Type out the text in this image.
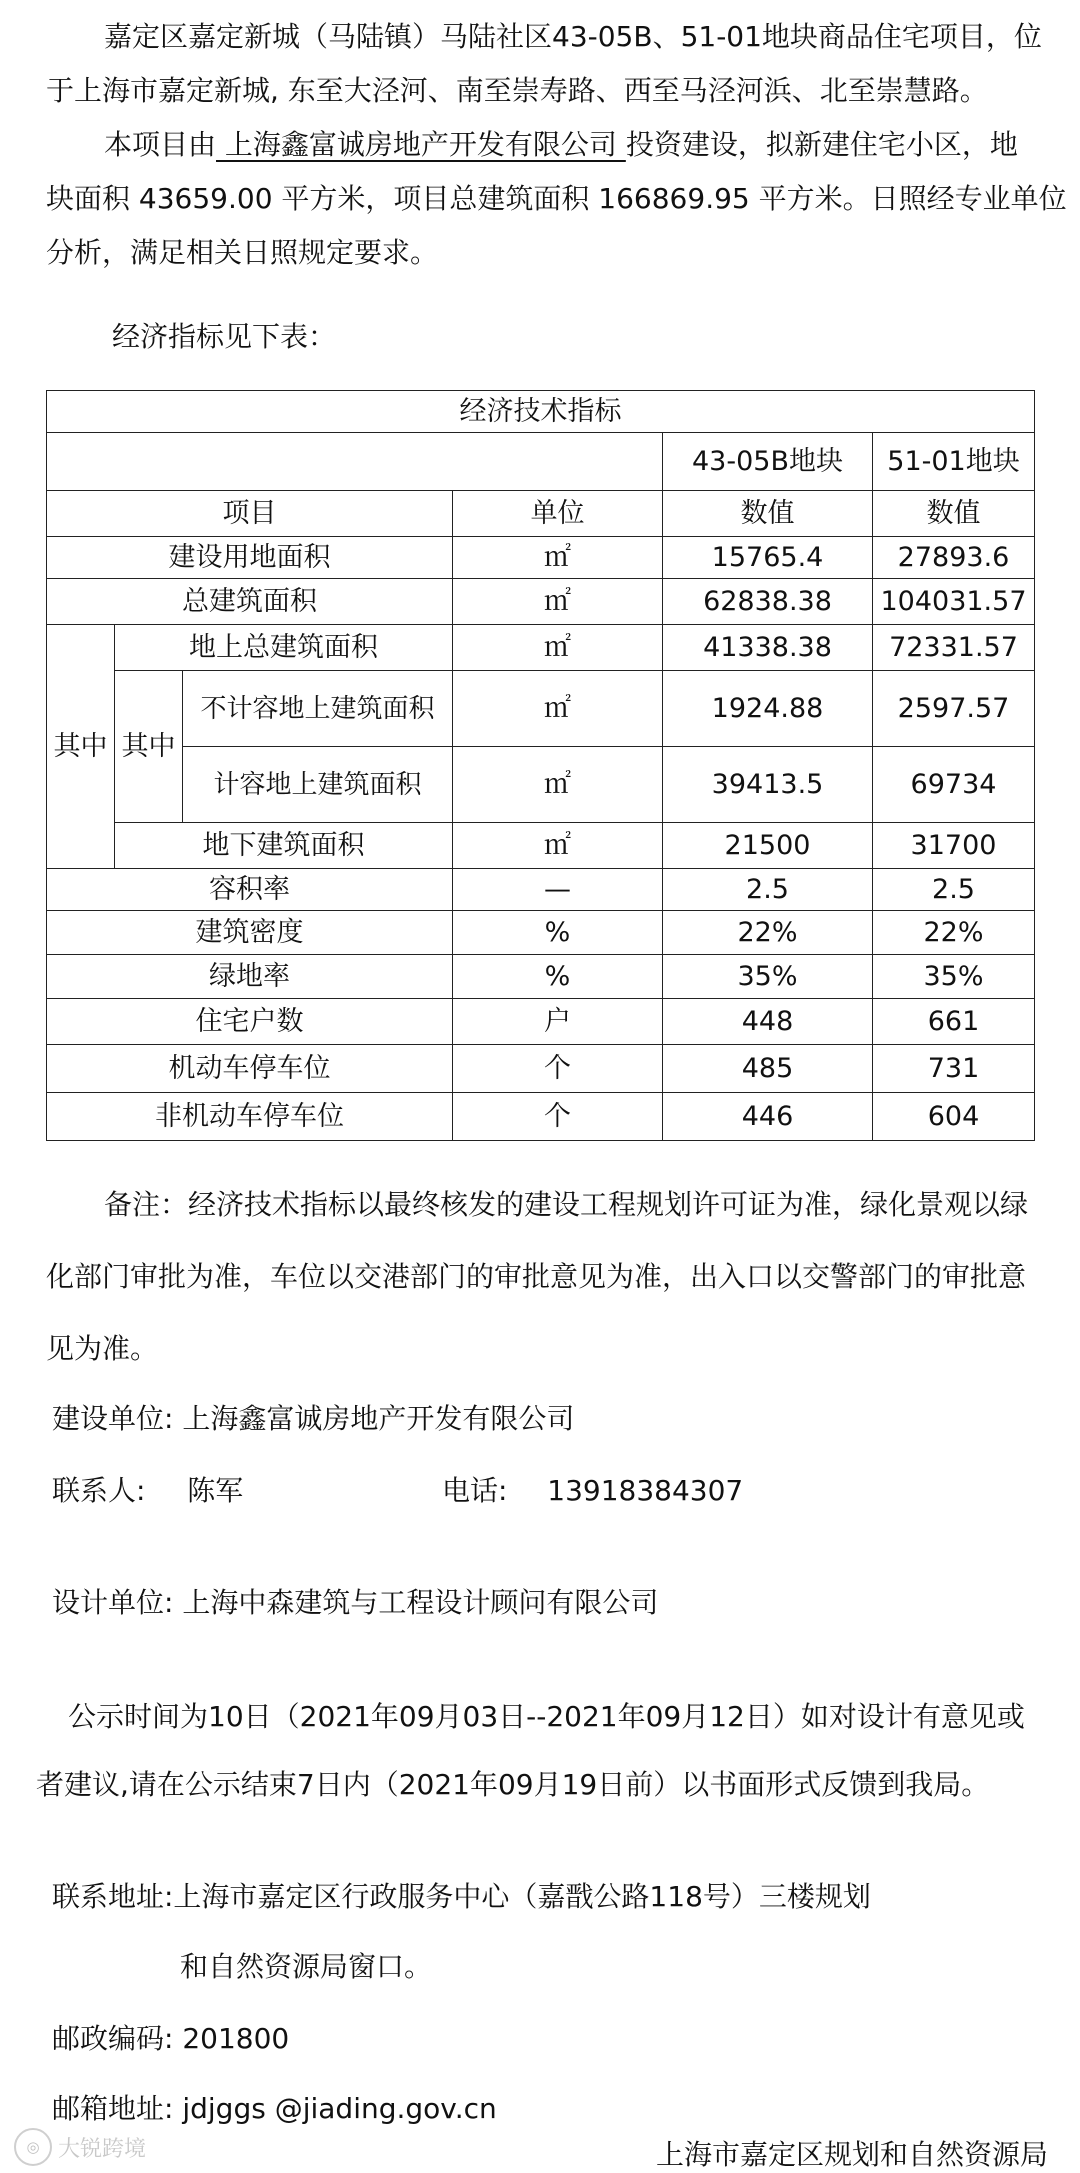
嘉定区嘉定新城（马陆镇）马陆社区43-05B、51-01地块商品住宅项目，位
于上海市嘉定新城, 东至大泾河、南至崇寿路、西至马泾河浜、北至崇慧路。
本项目由 上海鑫富诚房地产开发有限公司 投资建设，拟新建住宅小区，地
块面积 43659.00 平方米，项目总建筑面积 166869.95 平方米。日照经专业单位
分析，满足相关日照规定要求。
经济指标见下表：
经济技术指标					
				43-05B地块	51-01地块
项目			单位	数值	数值
建设用地面积			㎡	15765.4	27893.6
总建筑面积			㎡	62838.38	104031.57
其中	地上总建筑面积		㎡	41338.38	72331.57
	其中	不计容地上建筑面积	㎡	1924.88	2597.57
		计容地上建筑面积	㎡	39413.5	69734
	地下建筑面积		㎡	21500	31700
容积率			—	2.5	2.5
建筑密度			%	22%	22%
绿地率			%	35%	35%
住宅户数			户	448	661
机动车停车位			个	485	731
非机动车停车位			个	446	604
备注：经济技术指标以最终核发的建设工程规划许可证为准，绿化景观以绿
化部门审批为准，车位以交港部门的审批意见为准，出入口以交警部门的审批意
见为准。
建设单位: 上海鑫富诚房地产开发有限公司
联系人: 陈军	电话: 13918384307
设计单位: 上海中森建筑与工程设计顾问有限公司
公示时间为10日（2021年09月03日--2021年09月12日）如对设计有意见或
者建议,请在公示结束7日内（2021年09月19日前）以书面形式反馈到我局。
联系地址:上海市嘉定区行政服务中心（嘉戬公路118号）三楼规划
和自然资源局窗口。
邮政编码: 201800
邮箱地址: jdjggs @jiading.gov.cn
上海市嘉定区规划和自然资源局
◎ 大锐跨境
